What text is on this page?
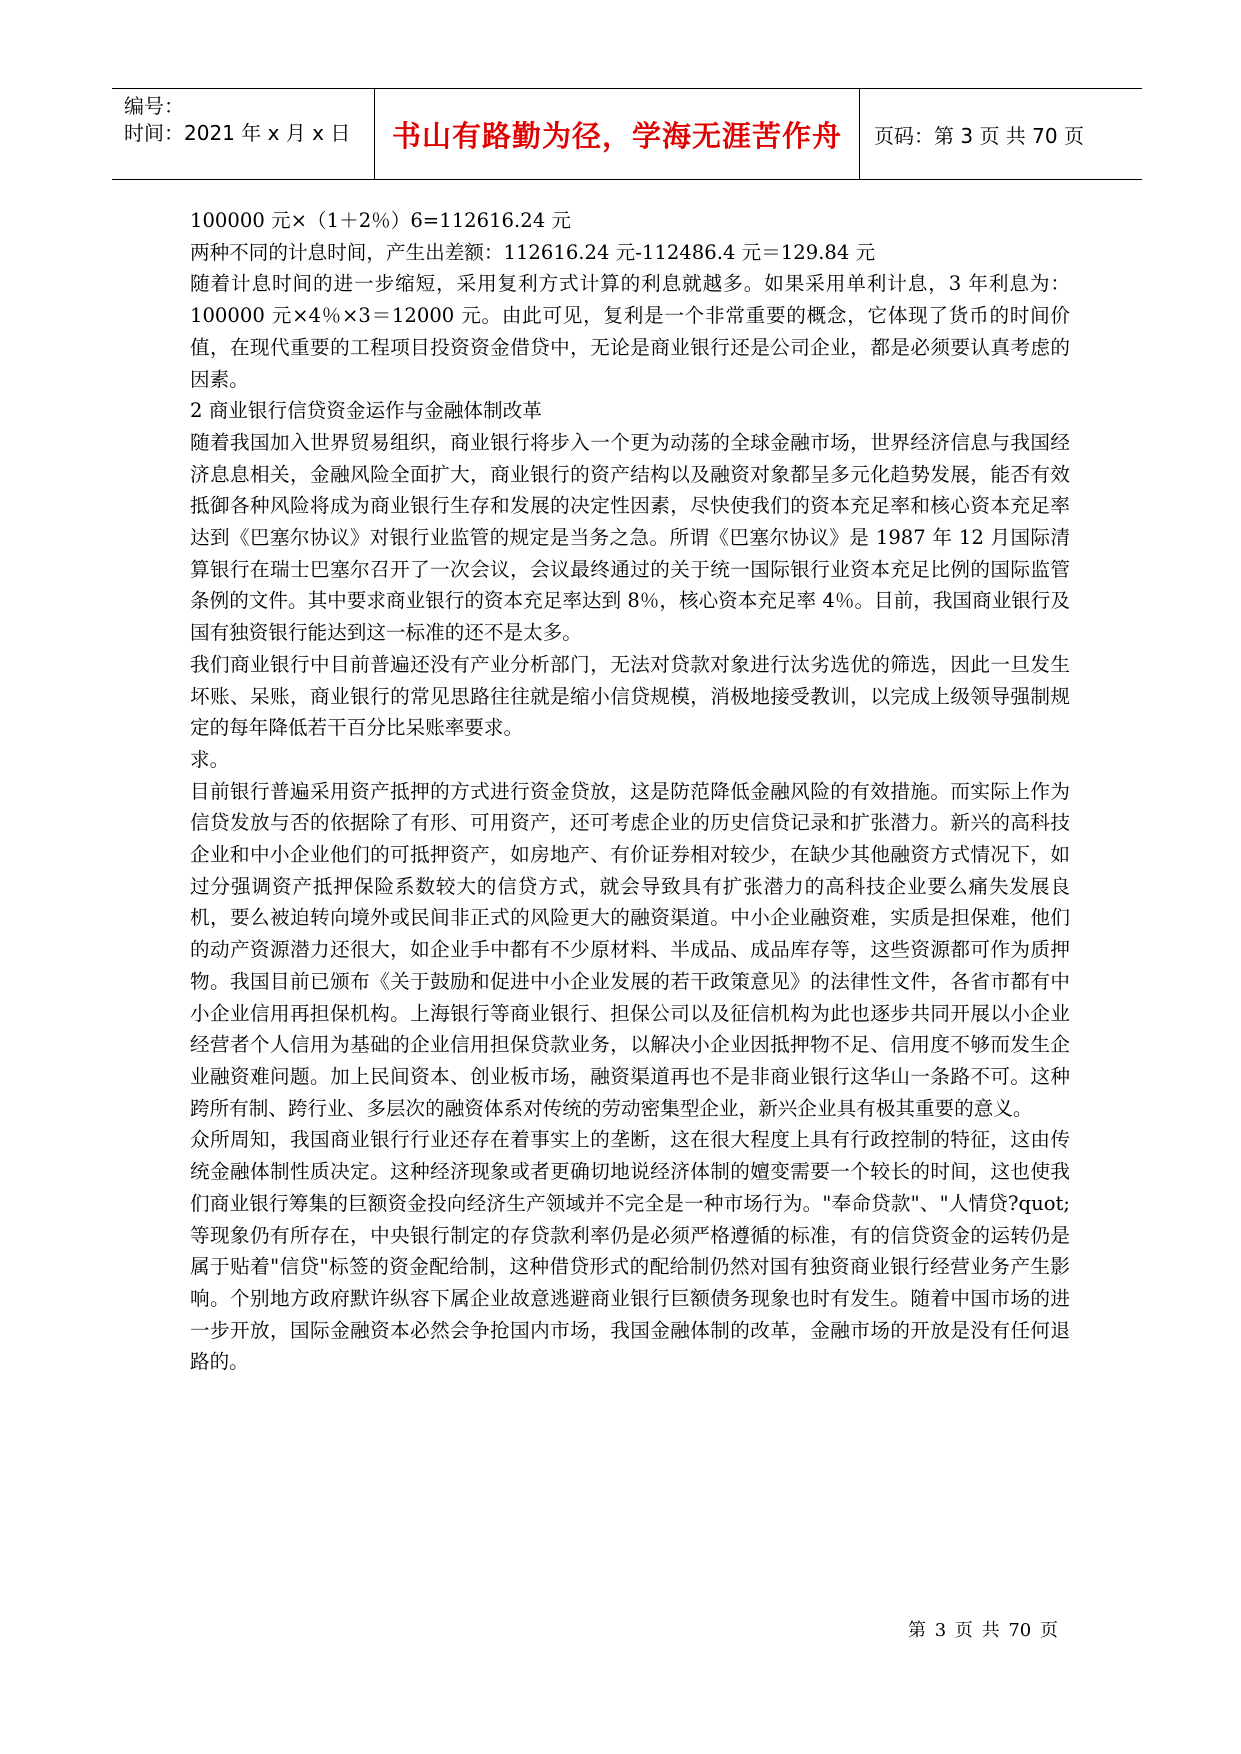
编号：
时间：2021 年 x 月 x 日	书山有路勤为径，学海无涯苦作舟 页码：第 3 页 共 70 页

100000 元×（1＋2％）6=112616.24 元

两种不同的计息时间，产生出差额：112616.24 元-112486.4 元＝129.84 元

随着计息时间的进一步缩短，采用复利方式计算的利息就越多。如果采用单利计息，3 年利息为：100000 元×4％×3＝12000 元。由此可见，复利是一个非常重要的概念，它体现了货币的时间价值，在现代重要的工程项目投资资金借贷中，无论是商业银行还是公司企业，都是必须要认真考虑的因素。

2 商业银行信贷资金运作与金融体制改革

随着我国加入世界贸易组织，商业银行将步入一个更为动荡的全球金融市场，世界经济信息与我国经济息息相关，金融风险全面扩大，商业银行的资产结构以及融资对象都呈多元化趋势发展，能否有效抵御各种风险将成为商业银行生存和发展的决定性因素，尽快使我们的资本充足率和核心资本充足率达到《巴塞尔协议》对银行业监管的规定是当务之急。所谓《巴塞尔协议》是 1987 年 12 月国际清算银行在瑞士巴塞尔召开了一次会议，会议最终通过的关于统一国际银行业资本充足比例的国际监管条例的文件。其中要求商业银行的资本充足率达到 8％，核心资本充足率 4％。目前，我国商业银行及国有独资银行能达到这一标准的还不是太多。

我们商业银行中目前普遍还没有产业分析部门，无法对贷款对象进行汰劣选优的筛选，因此一旦发生坏账、呆账，商业银行的常见思路往往就是缩小信贷规模，消极地接受教训，以完成上级领导强制规定的每年降低若干百分比呆账率要求。

求。

目前银行普遍采用资产抵押的方式进行资金贷放，这是防范降低金融风险的有效措施。而实际上作为信贷发放与否的依据除了有形、可用资产，还可考虑企业的历史信贷记录和扩张潜力。新兴的高科技企业和中小企业他们的可抵押资产，如房地产、有价证券相对较少，在缺少其他融资方式情况下，如过分强调资产抵押保险系数较大的信贷方式，就会导致具有扩张潜力的高科技企业要么痛失发展良机，要么被迫转向境外或民间非正式的风险更大的融资渠道。中小企业融资难，实质是担保难，他们的动产资源潜力还很大，如企业手中都有不少原材料、半成品、成品库存等，这些资源都可作为质押物。我国目前已颁布《关于鼓励和促进中小企业发展的若干政策意见》的法律性文件，各省市都有中小企业信用再担保机构。上海银行等商业银行、担保公司以及征信机构为此也逐步共同开展以小企业经营者个人信用为基础的企业信用担保贷款业务，以解决小企业因抵押物不足、信用度不够而发生企业融资难问题。加上民间资本、创业板市场，融资渠道再也不是非商业银行这华山一条路不可。这种跨所有制、跨行业、多层次的融资体系对传统的劳动密集型企业，新兴企业具有极其重要的意义。

众所周知，我国商业银行行业还存在着事实上的垄断，这在很大程度上具有行政控制的特征，这由传统金融体制性质决定。这种经济现象或者更确切地说经济体制的嬗变需要一个较长的时间，这也使我们商业银行筹集的巨额资金投向经济生产领域并不完全是一种市场行为。"奉命贷款"、"人情贷?quot;等现象仍有所存在，中央银行制定的存贷款利率仍是必须严格遵循的标准，有的信贷资金的运转仍是属于贴着"信贷"标签的资金配给制，这种借贷形式的配给制仍然对国有独资商业银行经营业务产生影响。个别地方政府默许纵容下属企业故意逃避商业银行巨额债务现象也时有发生。随着中国市场的进一步开放，国际金融资本必然会争抢国内市场，我国金融体制的改革，金融市场的开放是没有任何退路的。

第 3 页 共 70 页
